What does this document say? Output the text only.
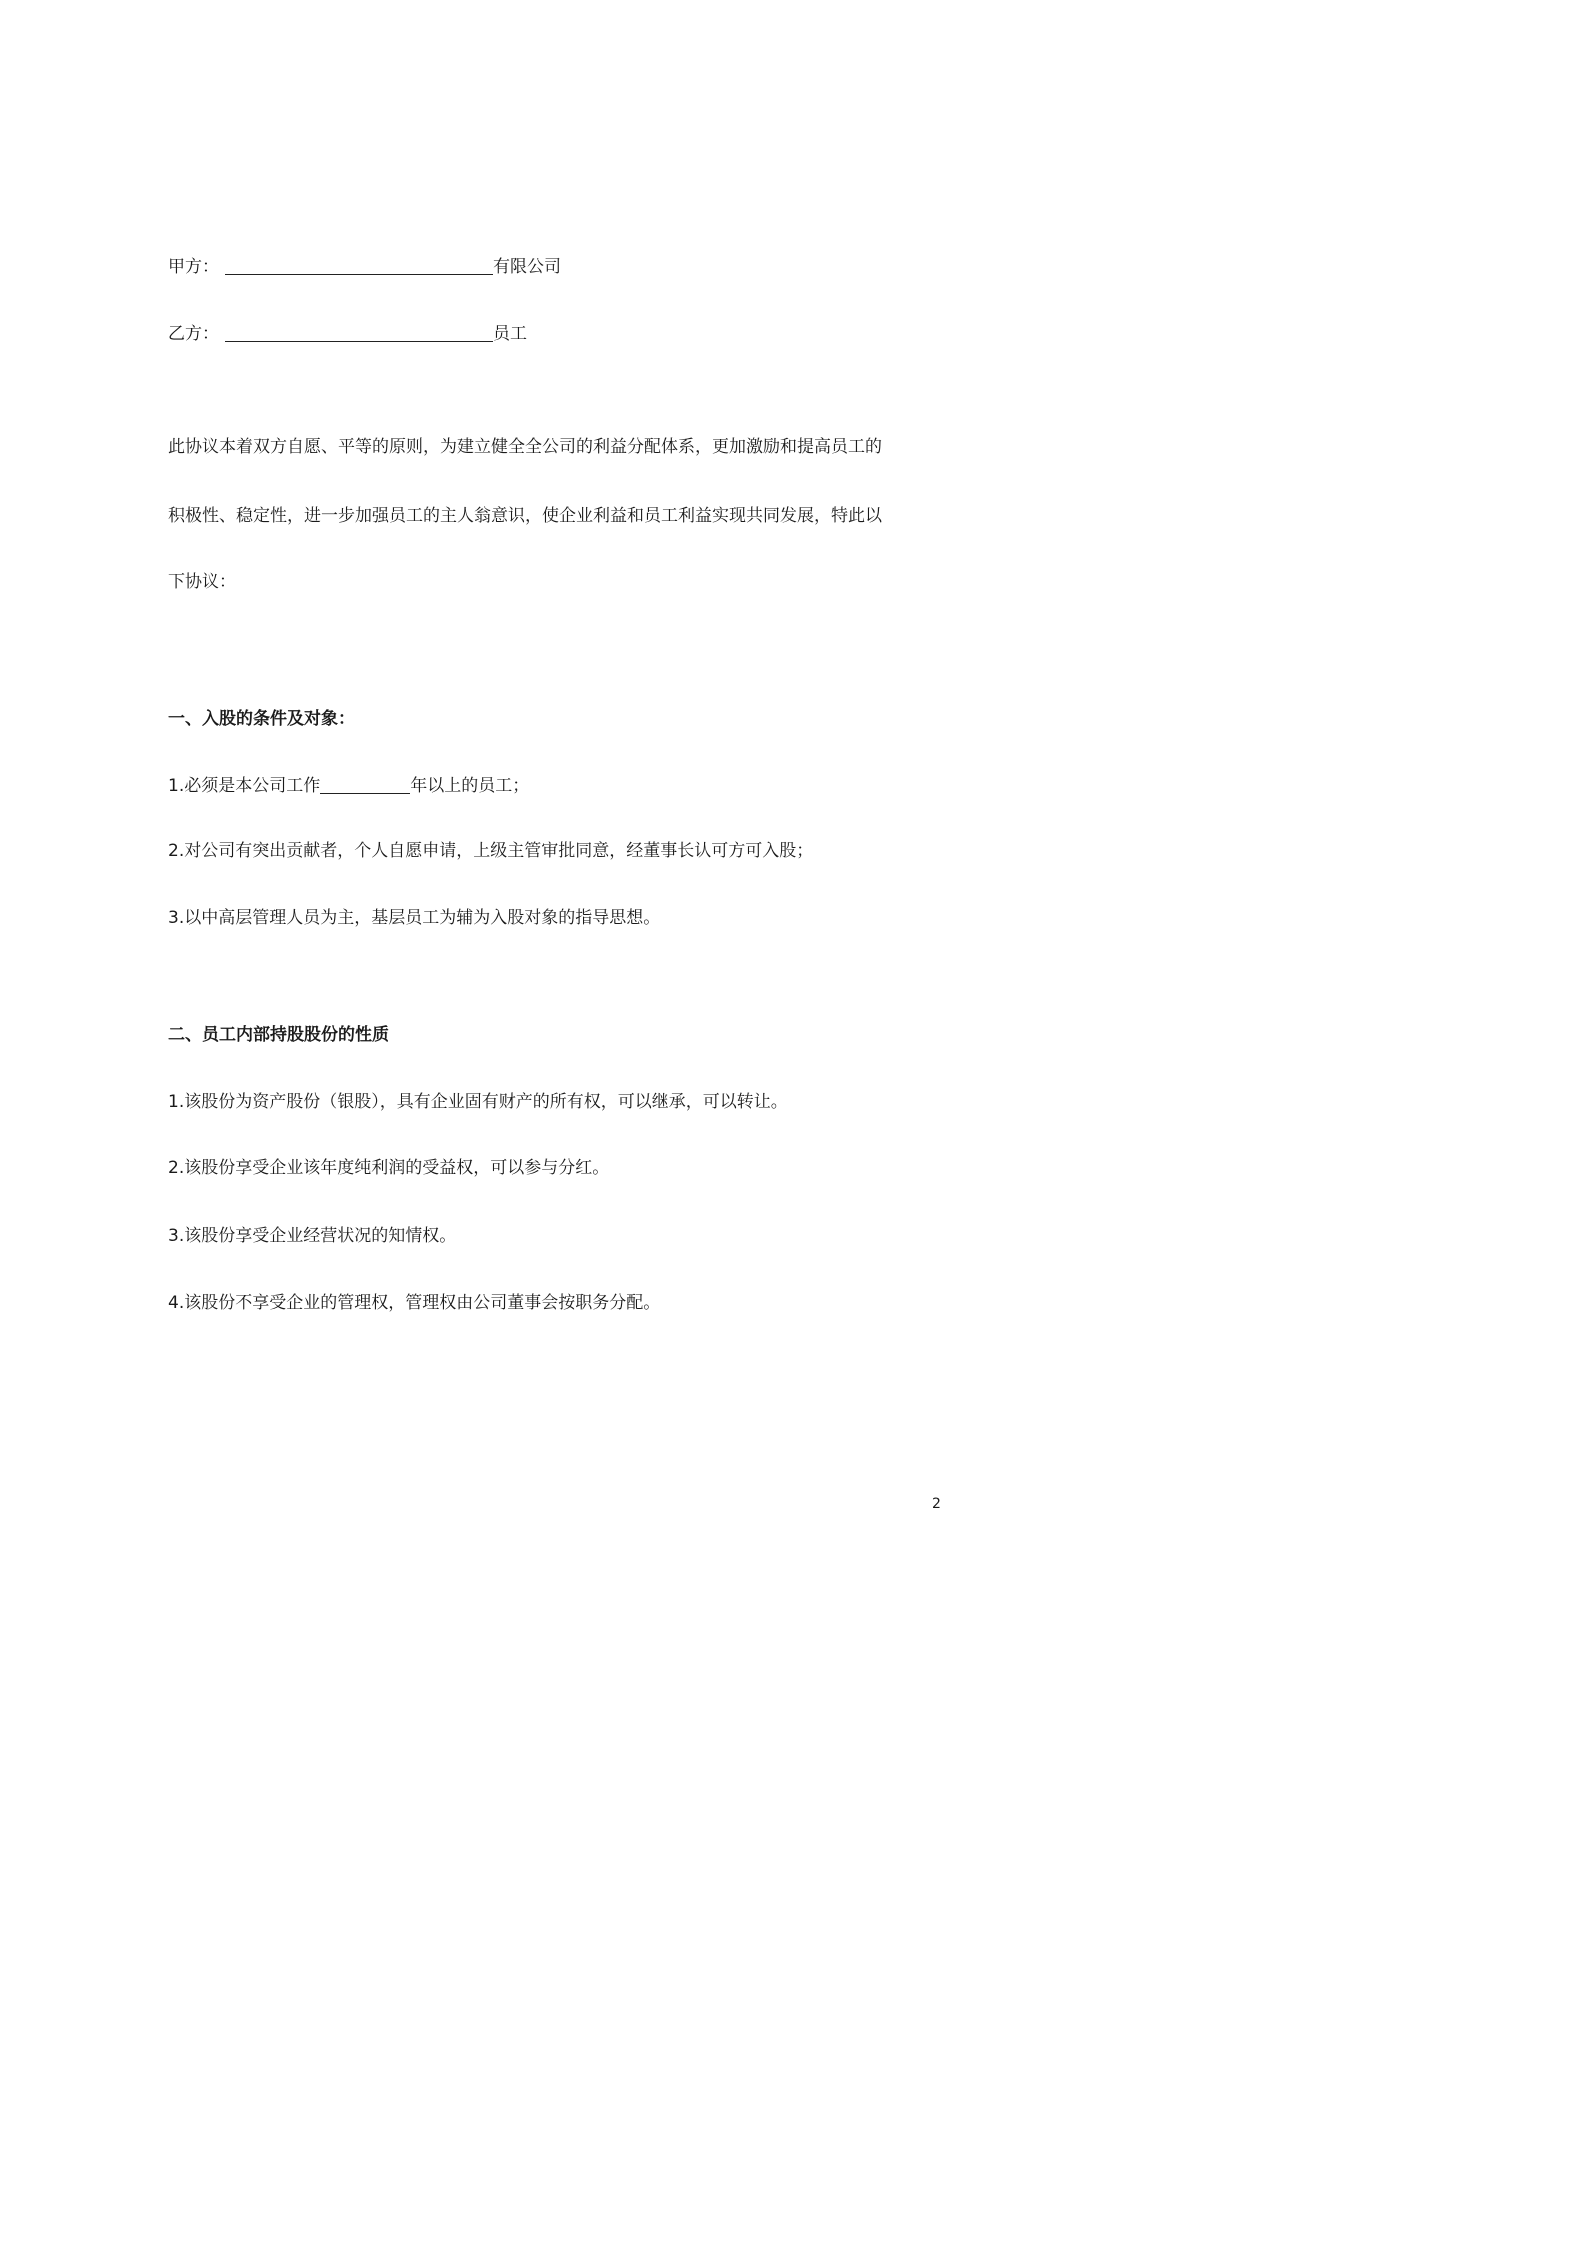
甲方：	有限公司
乙方：	员工
此协议本着双方自愿、平等的原则，为建立健全全公司的利益分配体系，更加激励和提高员工的
积极性、稳定性，进一步加强员工的主人翁意识，使企业利益和员工利益实现共同发展，特此以
下协议：
一、入股的条件及对象：
1.必须是本公司工作	年以上的员工；
2.对公司有突出贡献者，个人自愿申请，上级主管审批同意，经董事长认可方可入股；
3.以中高层管理人员为主，基层员工为辅为入股对象的指导思想。
二、员工内部持股股份的性质
1.该股份为资产股份（银股），具有企业固有财产的所有权，可以继承，可以转让。
2.该股份享受企业该年度纯利润的受益权，可以参与分红。
3.该股份享受企业经营状况的知情权。
4.该股份不享受企业的管理权，管理权由公司董事会按职务分配。
2
